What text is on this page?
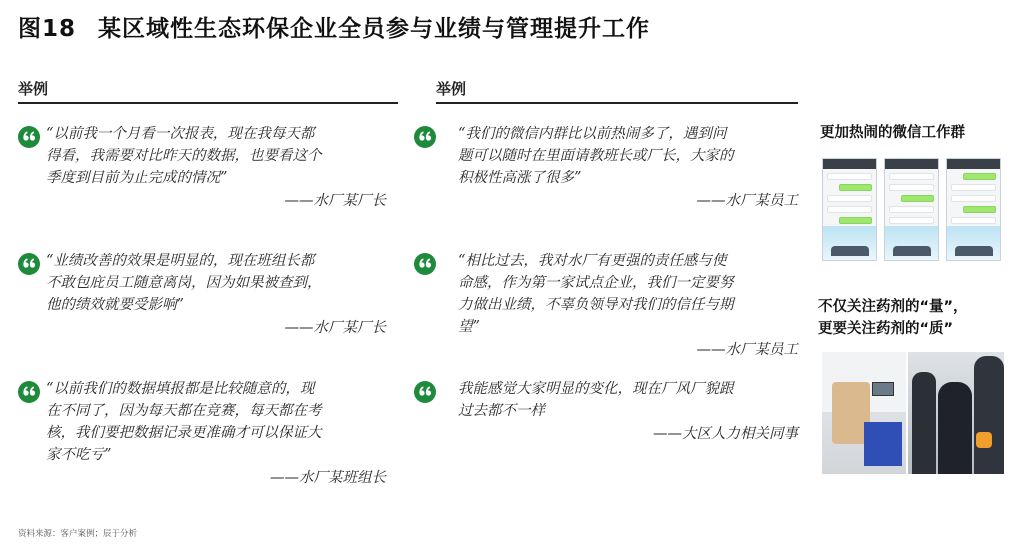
图18 某区域性生态环保企业全员参与业绩与管理提升工作
举例	举例
“以前我一个月看一次报表，现在我每天都
得看，我需要对比昨天的数据，也要看这个
季度到目前为止完成的情况”
——水厂某厂长
“业绩改善的效果是明显的，现在班组长都
不敢包庇员工随意离岗，因为如果被查到，
他的绩效就要受影响”
——水厂某厂长
“以前我们的数据填报都是比较随意的，现
在不同了，因为每天都在竞赛，每天都在考
核，我们要把数据记录更准确才可以保证大
家不吃亏”
——水厂某班组长
“我们的微信内群比以前热闹多了，遇到问
题可以随时在里面请教班长或厂长，大家的
积极性高涨了很多”
——水厂某员工
“相比过去，我对水厂有更强的责任感与使
命感，作为第一家试点企业，我们一定要努
力做出业绩，不辜负领导对我们的信任与期
望”
——水厂某员工
我能感觉大家明显的变化，现在厂风厂貌跟
过去都不一样
——大区人力相关同事
更加热闹的微信工作群
不仅关注药剂的“量”，
更要关注药剂的“质”
资料来源：客户案例；辰于分析
